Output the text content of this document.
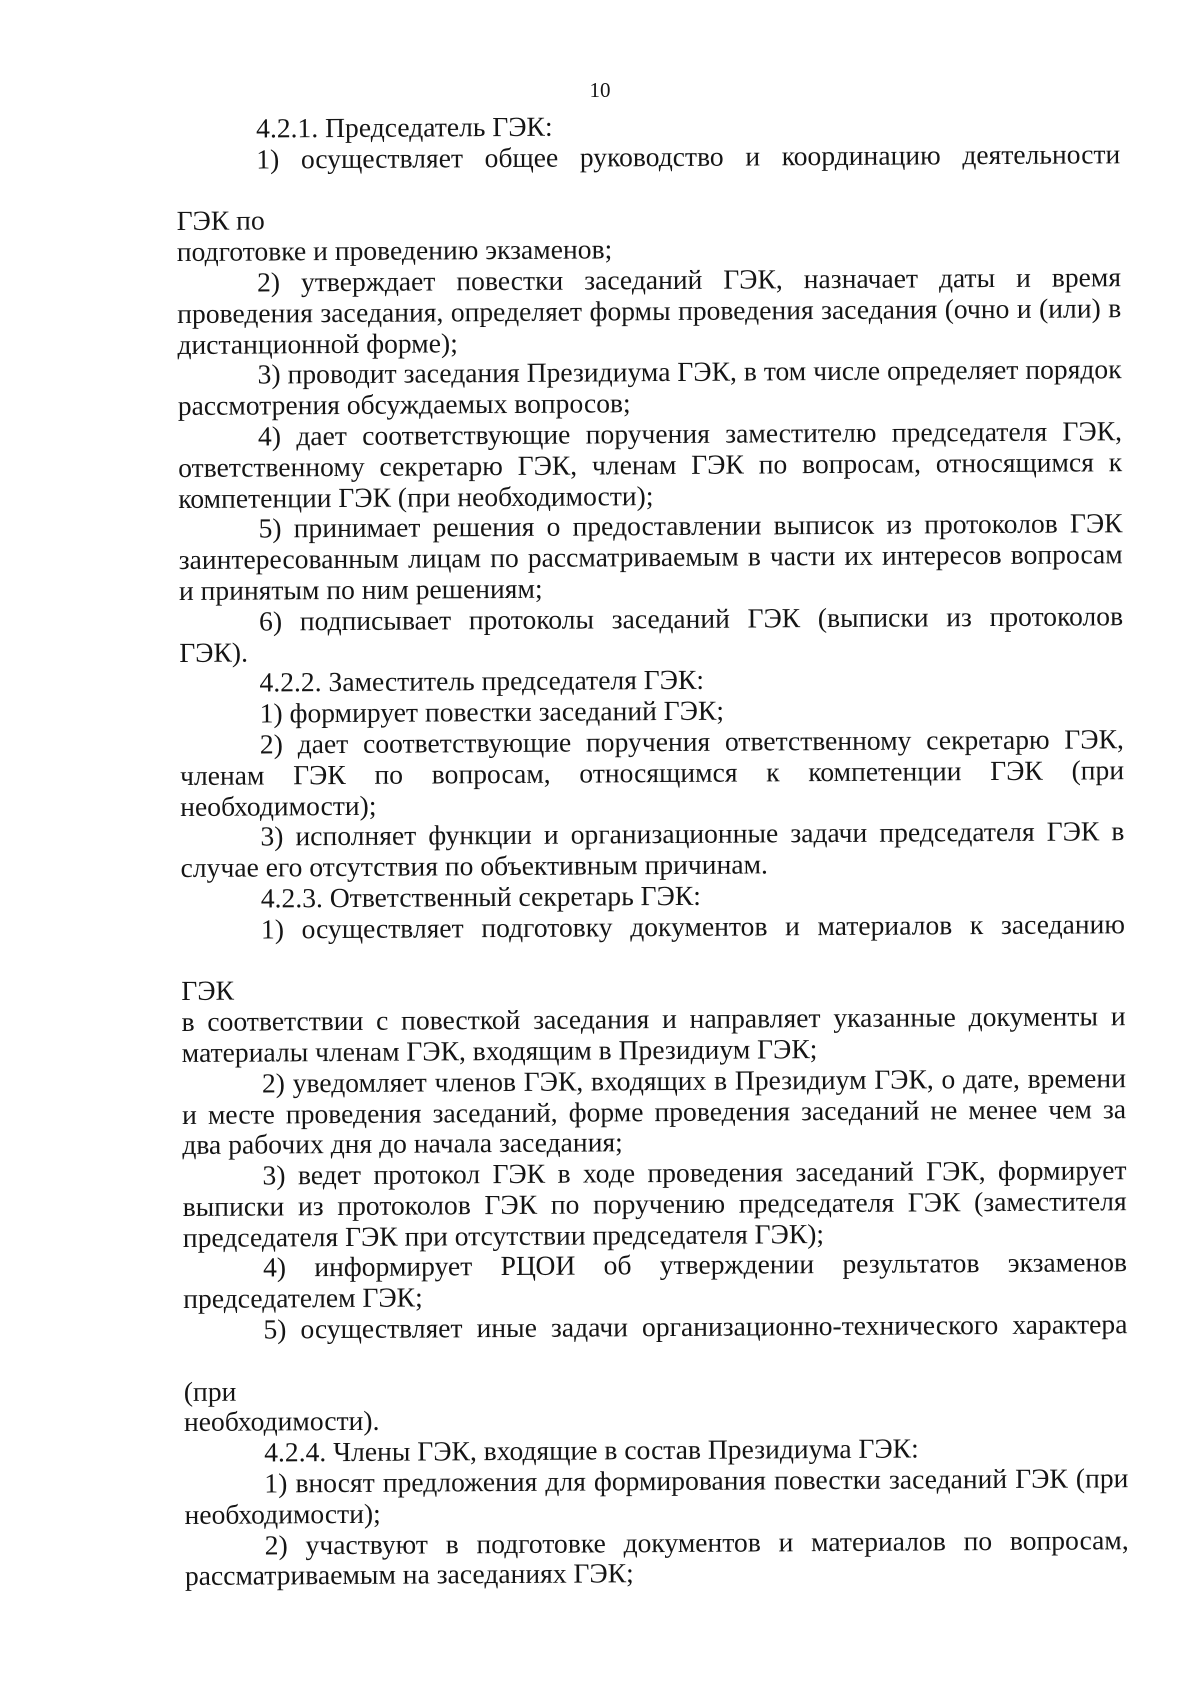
10

4.2.1. Председатель ГЭК:

1) осуществляет общее руководство и координацию деятельности

ГЭК по

подготовке и проведению экзаменов;

2) утверждает повестки заседаний ГЭК, назначает даты и время проведения заседания, определяет формы проведения заседания (очно и (или) в дистанционной форме);

3) проводит заседания Президиума ГЭК, в том числе определяет порядок рассмотрения обсуждаемых вопросов;

4) дает соответствующие поручения заместителю председателя ГЭК, ответственному секретарю ГЭК, членам ГЭК по вопросам, относящимся к компетенции ГЭК (при необходимости);

5) принимает решения о предоставлении выписок из протоколов ГЭК заинтересованным лицам по рассматриваемым в части их интересов вопросам и принятым по ним решениям;

6) подписывает протоколы заседаний ГЭК (выписки из протоколов ГЭК).

4.2.2. Заместитель председателя ГЭК:

1) формирует повестки заседаний ГЭК;

2) дает соответствующие поручения ответственному секретарю ГЭК, членам ГЭК по вопросам, относящимся к компетенции ГЭК (при необходимости);

3) исполняет функции и организационные задачи председателя ГЭК в случае его отсутствия по объективным причинам.

4.2.3. Ответственный секретарь ГЭК:

1) осуществляет подготовку документов и материалов к заседанию

ГЭК

в соответствии с повесткой заседания и направляет указанные документы и материалы членам ГЭК, входящим в Президиум ГЭК;

2) уведомляет членов ГЭК, входящих в Президиум ГЭК, о дате, времени и месте проведения заседаний, форме проведения заседаний не менее чем за два рабочих дня до начала заседания;

3) ведет протокол ГЭК в ходе проведения заседаний ГЭК, формирует выписки из протоколов ГЭК по поручению председателя ГЭК (заместителя председателя ГЭК при отсутствии председателя ГЭК);

4) информирует РЦОИ об утверждении результатов экзаменов председателем ГЭК;

5) осуществляет иные задачи организационно-технического характера

(при

необходимости).

4.2.4. Члены ГЭК, входящие в состав Президиума ГЭК:

1) вносят предложения для формирования повестки заседаний ГЭК (при необходимости);

2) участвуют в подготовке документов и материалов по вопросам, рассматриваемым на заседаниях ГЭК;
